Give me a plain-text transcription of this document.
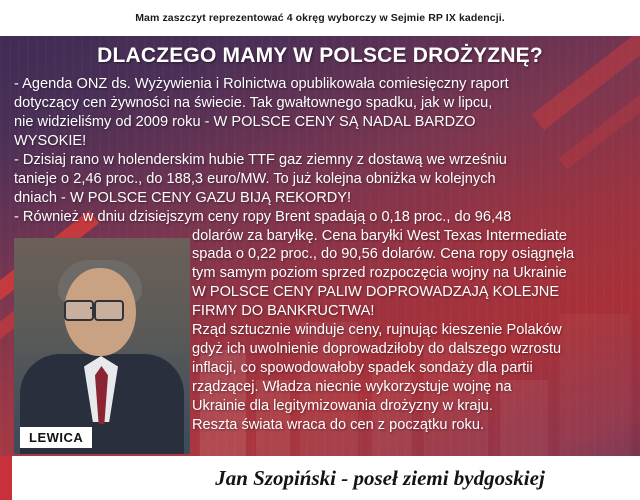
Mam zaszczyt reprezentować 4 okręg wyborczy w Sejmie RP IX kadencji.
DLACZEGO MAMY W POLSCE DROŻYZNĘ?

- Agenda ONZ ds. Wyżywienia i Rolnictwa opublikowała comiesięczny raport

dotyczący cen żywności na świecie. Tak gwałtownego spadku, jak w lipcu,

nie widzieliśmy od 2009 roku - W POLSCE CENY SĄ NADAL BARDZO

WYSOKIE!

- Dzisiaj rano w holenderskim hubie TTF gaz ziemny z dostawą we wrześniu

tanieje o 2,46 proc., do 188,3 euro/MW. To już kolejna obniżka w kolejnych

dniach - W POLSCE CENY GAZU BIJĄ REKORDY!

- Również w dniu dzisiejszym ceny ropy Brent spadają o 0,18 proc., do 96,48

dolarów za baryłkę. Cena baryłki West Texas Intermediate

spada o 0,22 proc., do 90,56 dolarów. Cena ropy osiągnęła

tym samym poziom sprzed rozpoczęcia wojny na Ukrainie

W POLSCE CENY PALIW DOPROWADZAJĄ KOLEJNE

FIRMY DO BANKRUCTWA!

Rząd sztucznie winduje ceny, rujnując kieszenie Polaków

gdyż ich uwolnienie doprowadziłoby do dalszego wzrostu

inflacji, co spowodowałoby spadek sondaży dla partii

rządzącej. Władza niecnie wykorzystuje wojnę na

Ukrainie dla legitymizowania drożyzny w kraju.

Reszta świata wraca do cen z początku roku.

LEWICA
Jan Szopiński - poseł ziemi bydgoskiej
